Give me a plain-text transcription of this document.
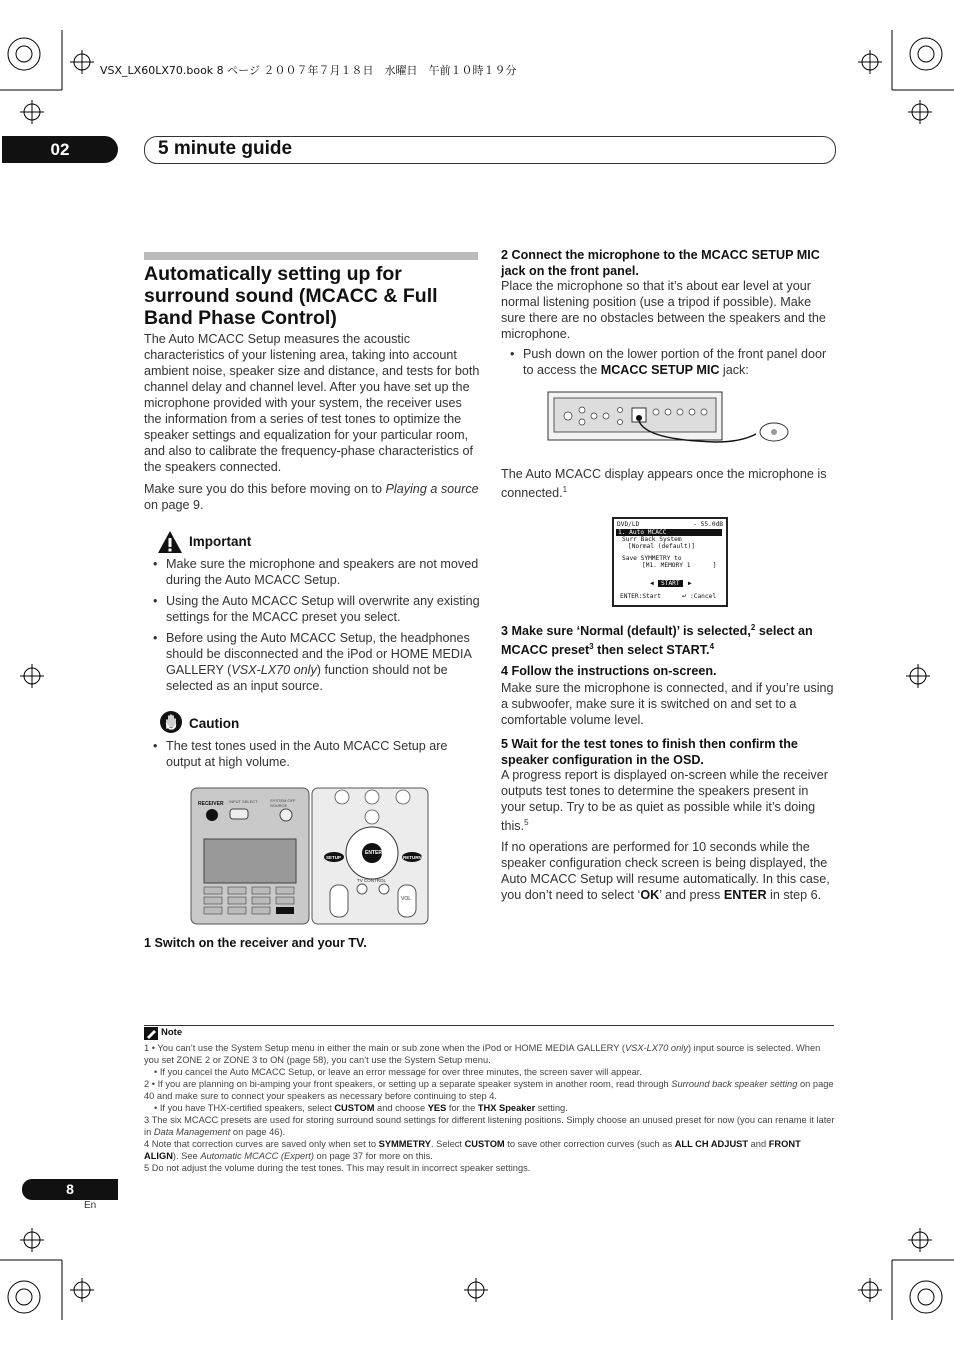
VSX_LX60LX70.book 8 ページ ２００７年７月１８日　水曜日　午前１０時１９分
02	5 minute guide
Automatically setting up for surround sound (MCACC & Full Band Phase Control)
The Auto MCACC Setup measures the acoustic characteristics of your listening area, taking into account ambient noise, speaker size and distance, and tests for both channel delay and channel level. After you have set up the microphone provided with your system, the receiver uses the information from a series of test tones to optimize the speaker settings and equalization for your particular room, and also to calibrate the frequency-phase characteristics of the speakers connected.
Make sure you do this before moving on to Playing a source on page 9.
Important
• Make sure the microphone and speakers are not moved during the Auto MCACC Setup.
• Using the Auto MCACC Setup will overwrite any existing settings for the MCACC preset you select.
• Before using the Auto MCACC Setup, the headphones should be disconnected and the iPod or HOME MEDIA GALLERY (VSX-LX70 only) function should not be selected as an input source.
Caution
• The test tones used in the Auto MCACC Setup are output at high volume.
RECEIVER INPUT SELECT	SYSTEM OFF SOURCE
ENTER
SETUP	RETURN
TV CONTROL
VOL
1 Switch on the receiver and your TV.
2 Connect the microphone to the MCACC SETUP MIC jack on the front panel.
Place the microphone so that it’s about ear level at your normal listening position (use a tripod if possible). Make sure there are no obstacles between the speakers and the microphone.
• Push down on the lower portion of the front panel door to access the MCACC SETUP MIC jack:
The Auto MCACC display appears once the microphone is connected.$^1$
DVD/LD	- 55.0dB
1. Auto MCACC
Surr Back System
[Normal (default)]
Save SYMMETRY to
[M1. MEMORY 1      ]
◀	START	▶
ENTER:Start	↩ :Cancel
3 Make sure ‘Normal (default)’ is selected,$^2$ select an MCACC preset$^3$ then select START.$^4$
4 Follow the instructions on-screen.
Make sure the microphone is connected, and if you’re using a subwoofer, make sure it is switched on and set to a comfortable volume level.
5 Wait for the test tones to finish then confirm the speaker configuration in the OSD.
A progress report is displayed on-screen while the receiver outputs test tones to determine the speakers present in your setup. Try to be as quiet as possible while it’s doing this.$^5$
If no operations are performed for 10 seconds while the speaker configuration check screen is being displayed, the Auto MCACC Setup will resume automatically. In this case, you don’t need to select ‘OK’ and press ENTER in step 6.
Note
1 • You can’t use the System Setup menu in either the main or sub zone when the iPod or HOME MEDIA GALLERY (VSX-LX70 only) input source is selected. When you set ZONE 2 or ZONE 3 to ON (page 58), you can’t use the System Setup menu.
• If you cancel the Auto MCACC Setup, or leave an error message for over three minutes, the screen saver will appear.
2 • If you are planning on bi-amping your front speakers, or setting up a separate speaker system in another room, read through Surround back speaker setting on page 40 and make sure to connect your speakers as necessary before continuing to step 4.
• If you have THX-certified speakers, select CUSTOM and choose YES for the THX Speaker setting.
3 The six MCACC presets are used for storing surround sound settings for different listening positions. Simply choose an unused preset for now (you can rename it later in Data Management on page 46).
4 Note that correction curves are saved only when set to SYMMETRY. Select CUSTOM to save other correction curves (such as ALL CH ADJUST and FRONT ALIGN). See Automatic MCACC (Expert) on page 37 for more on this.
5 Do not adjust the volume during the test tones. This may result in incorrect speaker settings.
8
En
